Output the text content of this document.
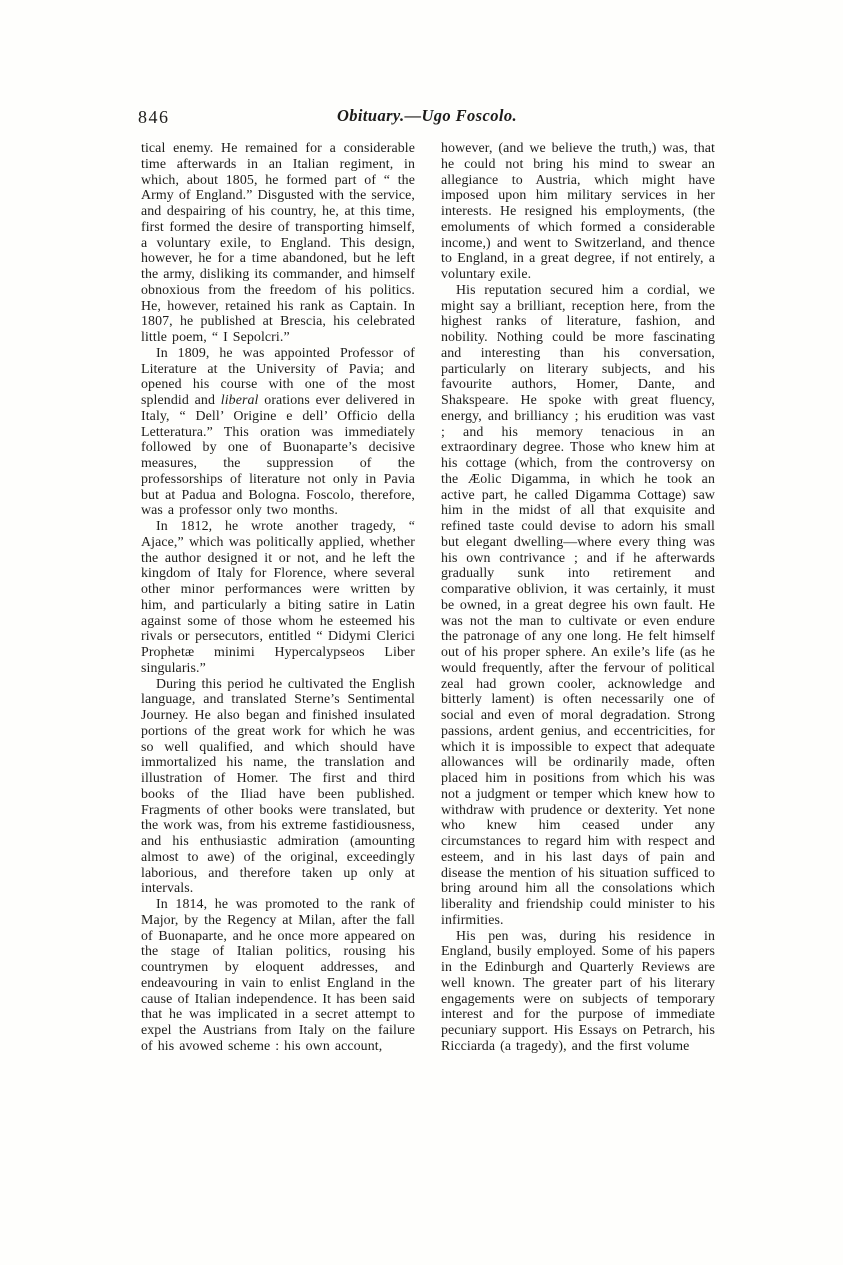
846	Obituary.—Ugo Foscolo.

tical enemy. He remained for a considerable time afterwards in an Italian regiment, in which, about 1805, he formed part of “ the Army of England.” Disgusted with the service, and despairing of his country, he, at this time, first formed the desire of transporting himself, a voluntary exile, to England. This design, however, he for a time abandoned, but he left the army, disliking its commander, and himself obnoxious from the freedom of his politics. He, however, retained his rank as Captain. In 1807, he published at Brescia, his celebrated little poem, “ I Sepolcri.”

In 1809, he was appointed Professor of Literature at the University of Pavia; and opened his course with one of the most splendid and liberal orations ever delivered in Italy, “ Dell’ Origine e dell’ Officio della Letteratura.” This oration was immediately followed by one of Buonaparte’s decisive measures, the suppression of the professorships of literature not only in Pavia but at Padua and Bologna. Foscolo, therefore, was a professor only two months.

In 1812, he wrote another tragedy, “ Ajace,” which was politically applied, whether the author designed it or not, and he left the kingdom of Italy for Florence, where several other minor performances were written by him, and particularly a biting satire in Latin against some of those whom he esteemed his rivals or persecutors, entitled “ Didymi Clerici Prophetæ minimi Hypercalypseos Liber singularis.”

During this period he cultivated the English language, and translated Sterne’s Sentimental Journey. He also began and finished insulated portions of the great work for which he was so well qualified, and which should have immortalized his name, the translation and illustration of Homer. The first and third books of the Iliad have been published. Fragments of other books were translated, but the work was, from his extreme fastidiousness, and his enthusiastic admiration (amounting almost to awe) of the original, exceedingly laborious, and therefore taken up only at intervals.

In 1814, he was promoted to the rank of Major, by the Regency at Milan, after the fall of Buonaparte, and he once more appeared on the stage of Italian politics, rousing his countrymen by eloquent addresses, and endeavouring in vain to enlist England in the cause of Italian independence. It has been said that he was implicated in a secret attempt to expel the Austrians from Italy on the failure of his avowed scheme : his own account,

however, (and we believe the truth,) was, that he could not bring his mind to swear an allegiance to Austria, which might have imposed upon him military services in her interests. He resigned his employments, (the emoluments of which formed a considerable income,) and went to Switzerland, and thence to England, in a great degree, if not entirely, a voluntary exile.

His reputation secured him a cordial, we might say a brilliant, reception here, from the highest ranks of literature, fashion, and nobility. Nothing could be more fascinating and interesting than his conversation, particularly on literary subjects, and his favourite authors, Homer, Dante, and Shakspeare. He spoke with great fluency, energy, and brilliancy ; his erudition was vast ; and his memory tenacious in an extraordinary degree. Those who knew him at his cottage (which, from the controversy on the Æolic Digamma, in which he took an active part, he called Digamma Cottage) saw him in the midst of all that exquisite and refined taste could devise to adorn his small but elegant dwelling—where every thing was his own contrivance ; and if he afterwards gradually sunk into retirement and comparative oblivion, it was certainly, it must be owned, in a great degree his own fault. He was not the man to cultivate or even endure the patronage of any one long. He felt himself out of his proper sphere. An exile’s life (as he would frequently, after the fervour of political zeal had grown cooler, acknowledge and bitterly lament) is often necessarily one of social and even of moral degradation. Strong passions, ardent genius, and eccentricities, for which it is impossible to expect that adequate allowances will be ordinarily made, often placed him in positions from which his was not a judgment or temper which knew how to withdraw with prudence or dexterity. Yet none who knew him ceased under any circumstances to regard him with respect and esteem, and in his last days of pain and disease the mention of his situation sufficed to bring around him all the consolations which liberality and friendship could minister to his infirmities.

His pen was, during his residence in England, busily employed. Some of his papers in the Edinburgh and Quarterly Reviews are well known. The greater part of his literary engagements were on subjects of temporary interest and for the purpose of immediate pecuniary support. His Essays on Petrarch, his Ricciarda (a tragedy), and the first volume
